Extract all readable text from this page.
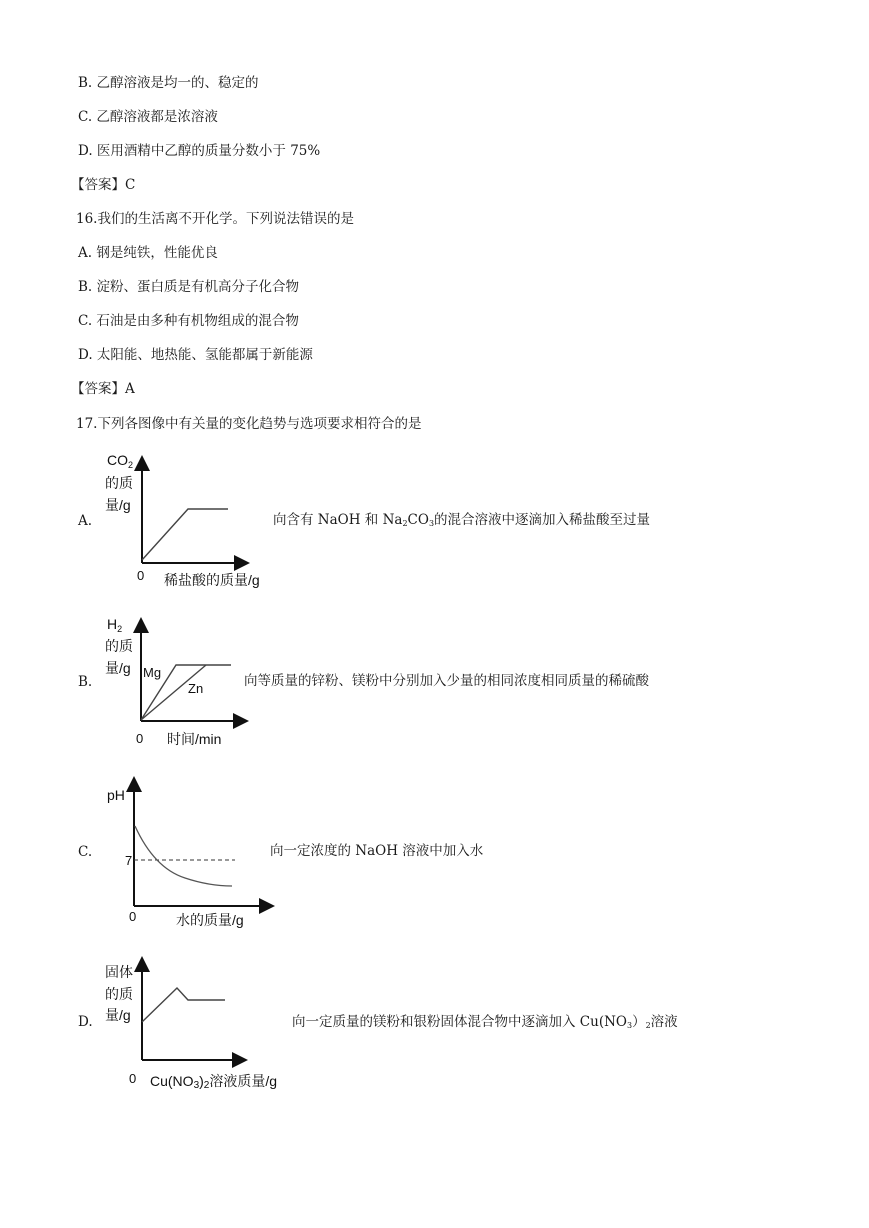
B. 乙醇溶液是均一的、稳定的
C. 乙醇溶液都是浓溶液
D. 医用酒精中乙醇的质量分数小于 75%
【答案】C
16.我们的生活离不开化学。下列说法错误的是
A. 钢是纯铁，性能优良
B. 淀粉、蛋白质是有机高分子化合物
C. 石油是由多种有机物组成的混合物
D. 太阳能、地热能、氢能都属于新能源
【答案】A
17.下列各图像中有关量的变化趋势与选项要求相符合的是
A.
$CO_2$
的质
量/g
0 稀盐酸的质量/g
向含有 NaOH 和 $Na_2CO_3$的混合溶液中逐滴加入稀盐酸至过量
B.
Mg
Zn
$H_2$
的质
量/g
0 时间/min
向等质量的锌粉、镁粉中分别加入少量的相同浓度相同质量的稀硫酸
C.
pH
7
0	水的质量/g
向一定浓度的 NaOH 溶液中加入水
D.
固体
的质
量/g
0 Cu(NO3)2溶液质量/g
向一定质量的镁粉和银粉固体混合物中逐滴加入 $Cu(NO_3)_2$溶液
